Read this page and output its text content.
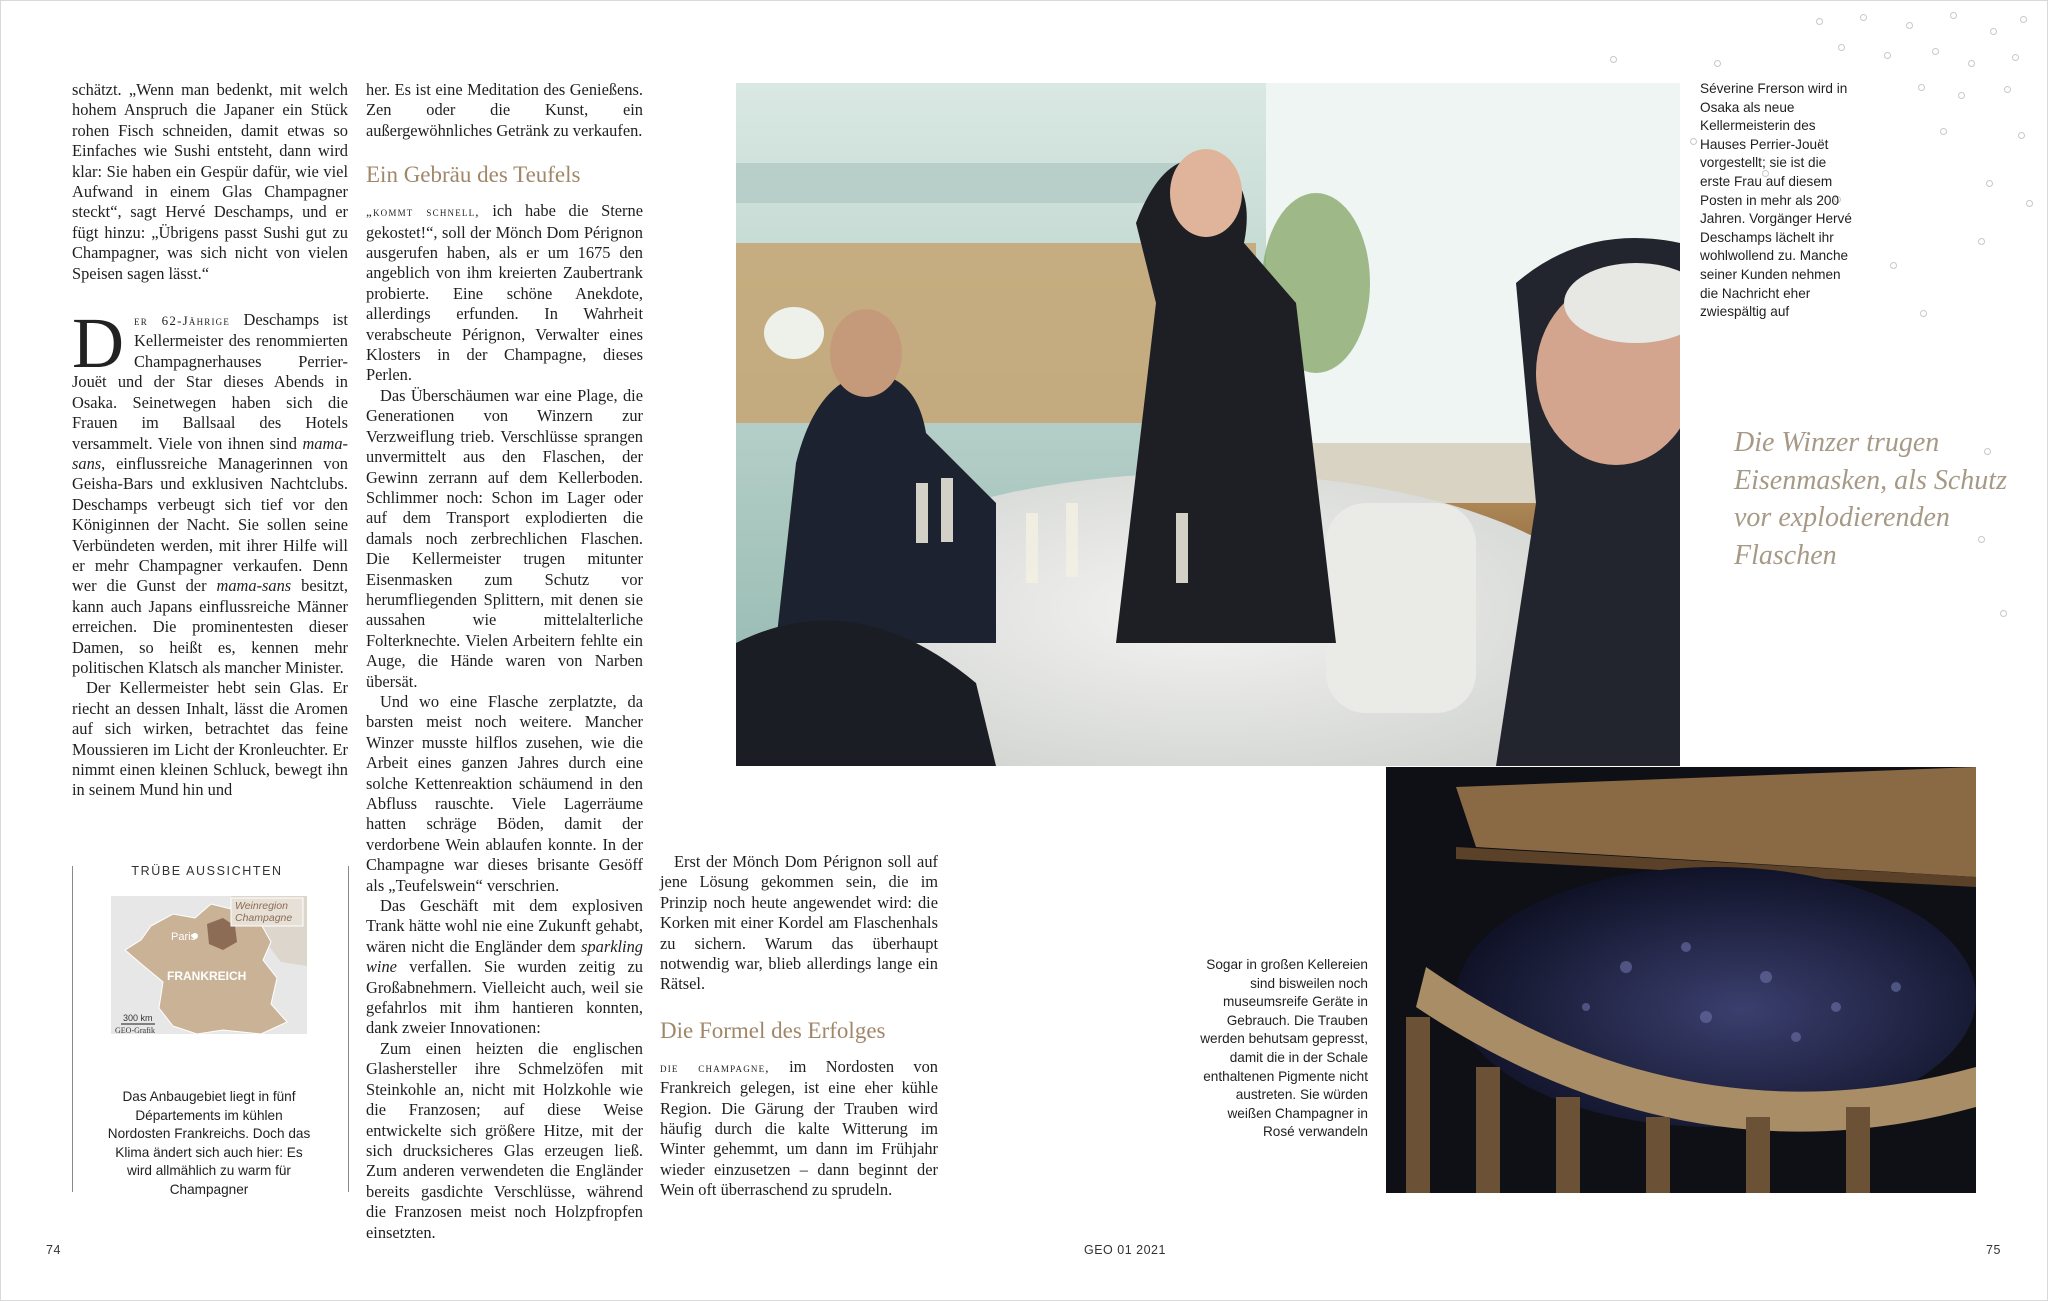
schätzt. „Wenn man bedenkt, mit welch hohem Anspruch die Japaner ein Stück rohen Fisch schneiden, damit etwas so Einfaches wie Sushi entsteht, dann wird klar: Sie haben ein Gespür dafür, wie viel Aufwand in einem Glas Champagner steckt“, sagt Hervé Deschamps, und er fügt hinzu: „Übrigens passt Sushi gut zu Champagner, was sich nicht von vielen Speisen sagen lässt.“

Der 62-Jährige Deschamps ist Kellermeister des renommierten Champagnerhauses Perrier-Jouët und der Star dieses Abends in Osaka. Seinetwegen haben sich die Frauen im Ballsaal des Hotels versammelt. Viele von ihnen sind mama-sans, einflussreiche Managerinnen von Geisha-Bars und exklusiven Nachtclubs. Deschamps verbeugt sich tief vor den Königinnen der Nacht. Sie sollen seine Verbündeten werden, mit ihrer Hilfe will er mehr Champagner verkaufen. Denn wer die Gunst der mama-sans besitzt, kann auch Japans einflussreiche Männer erreichen. Die prominentesten dieser Damen, so heißt es, kennen mehr politischen Klatsch als mancher Minister.

Der Kellermeister hebt sein Glas. Er riecht an dessen Inhalt, lässt die Aromen auf sich wirken, betrachtet das feine Moussieren im Licht der Kronleuchter. Er nimmt einen kleinen Schluck, bewegt ihn in seinem Mund hin und

TRÜBE AUSSICHTEN
Weinregion
Champagne
Paris
FRANKREICH
300 km
GEO-Grafik
Das Anbaugebiet liegt in fünf Départements im kühlen Nordosten Frankreichs. Doch das Klima ändert sich auch hier: Es wird allmählich zu warm für Champagner

her. Es ist eine Meditation des Genießens. Zen oder die Kunst, ein außergewöhnliches Getränk zu verkaufen.

Ein Gebräu des Teufels

„kommt schnell, ich habe die Sterne gekostet!“, soll der Mönch Dom Pérignon ausgerufen haben, als er um 1675 den angeblich von ihm kreierten Zaubertrank probierte. Eine schöne Anekdote, allerdings erfunden. In Wahrheit verabscheute Pérignon, Verwalter eines Klosters in der Champagne, dieses Perlen.

Das Überschäumen war eine Plage, die Generationen von Winzern zur Verzweiflung trieb. Verschlüsse sprangen unvermittelt aus den Flaschen, der Gewinn zerrann auf dem Kellerboden. Schlimmer noch: Schon im Lager oder auf dem Transport explodierten die damals noch zerbrechlichen Flaschen. Die Kellermeister trugen mitunter Eisenmasken zum Schutz vor herumfliegenden Splittern, mit denen sie aussahen wie mittelalterliche Folterknechte. Vielen Arbeitern fehlte ein Auge, die Hände waren von Narben übersät.

Und wo eine Flasche zerplatzte, da barsten meist noch weitere. Mancher Winzer musste hilflos zusehen, wie die Arbeit eines ganzen Jahres durch eine solche Kettenreaktion schäumend in den Abfluss rauschte. Viele Lagerräume hatten schräge Böden, damit der verdorbene Wein ablaufen konnte. In der Champagne war dieses brisante Gesöff als „Teufelswein“ verschrien.

Das Geschäft mit dem explosiven Trank hätte wohl nie eine Zukunft gehabt, wären nicht die Engländer dem sparkling wine verfallen. Sie wurden zeitig zu Großabnehmern. Vielleicht auch, weil sie gefahrlos mit ihm hantieren konnten, dank zweier Innovationen:

Zum einen heizten die englischen Glashersteller ihre Schmelzöfen mit Steinkohle an, nicht mit Holzkohle wie die Franzosen; auf diese Weise entwickelte sich größere Hitze, mit der sich drucksicheres Glas erzeugen ließ. Zum anderen verwendeten die Engländer bereits gasdichte Verschlüsse, während die Franzosen meist noch Holzpfropfen einsetzten.

Erst der Mönch Dom Pérignon soll auf jene Lösung gekommen sein, die im Prinzip noch heute angewendet wird: die Korken mit einer Kordel am Flaschenhals zu sichern. Warum das überhaupt notwendig war, blieb allerdings lange ein Rätsel.

Die Formel des Erfolges

die champagne, im Nordosten von Frankreich gelegen, ist eine eher kühle Region. Die Gärung der Trauben wird häufig durch die kalte Witterung im Winter gehemmt, um dann im Frühjahr wieder einzusetzen – dann beginnt der Wein oft überraschend zu sprudeln.

Séverine Frerson wird in Osaka als neue Kellermeisterin des Hauses Perrier-Jouët vorgestellt; sie ist die erste Frau auf diesem Posten in mehr als 200 Jahren. Vorgänger Hervé Deschamps lächelt ihr wohlwollend zu. Manche seiner Kunden nehmen die Nachricht eher zwiespältig auf
Die Winzer trugen Eisenmasken, als Schutz vor explodierenden Flaschen
Sogar in großen Kellereien sind bisweilen noch museumsreife Geräte in Gebrauch. Die Trauben werden behutsam gepresst, damit die in der Schale enthaltenen Pigmente nicht austreten. Sie würden weißen Champagner in Rosé verwandeln
74	GEO 01 2021	75
